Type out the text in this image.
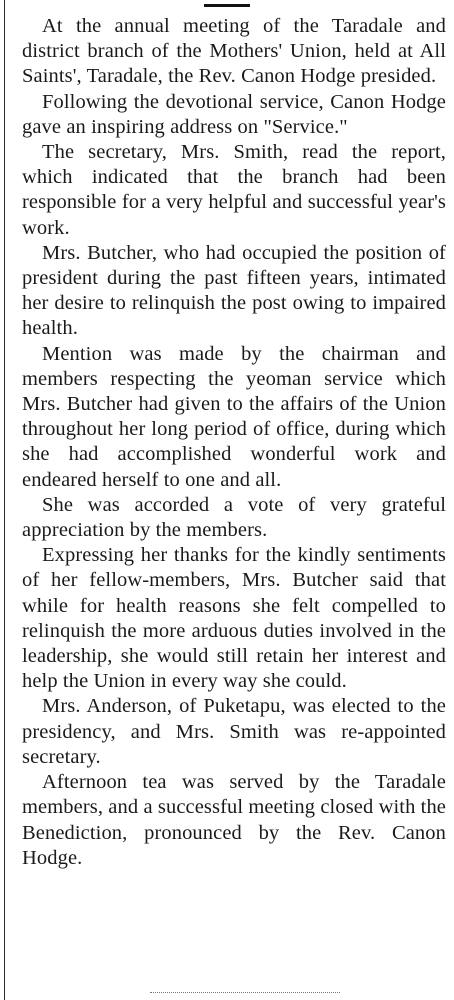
At the annual meeting of the Taradale and district branch of the Mothers' Union, held at All Saints', Taradale, the Rev. Canon Hodge presided.

Following the devotional service, Canon Hodge gave an inspiring address on "Service."

The secretary, Mrs. Smith, read the report, which indicated that the branch had been responsible for a very helpful and successful year's work.

Mrs. Butcher, who had occupied the position of president during the past fifteen years, intimated her desire to relinquish the post owing to impaired health.

Mention was made by the chairman and members respecting the yeoman service which Mrs. Butcher had given to the affairs of the Union throughout her long period of office, during which she had accomplished wonderful work and endeared herself to one and all.

She was accorded a vote of very grateful appreciation by the members.

Expressing her thanks for the kindly sentiments of her fellow-members, Mrs. Butcher said that while for health reasons she felt compelled to relinquish the more arduous duties involved in the leadership, she would still retain her interest and help the Union in every way she could.

Mrs. Anderson, of Puketapu, was elected to the presidency, and Mrs. Smith was re-appointed secretary.

Afternoon tea was served by the Taradale members, and a successful meeting closed with the Benediction, pronounced by the Rev. Canon Hodge.
